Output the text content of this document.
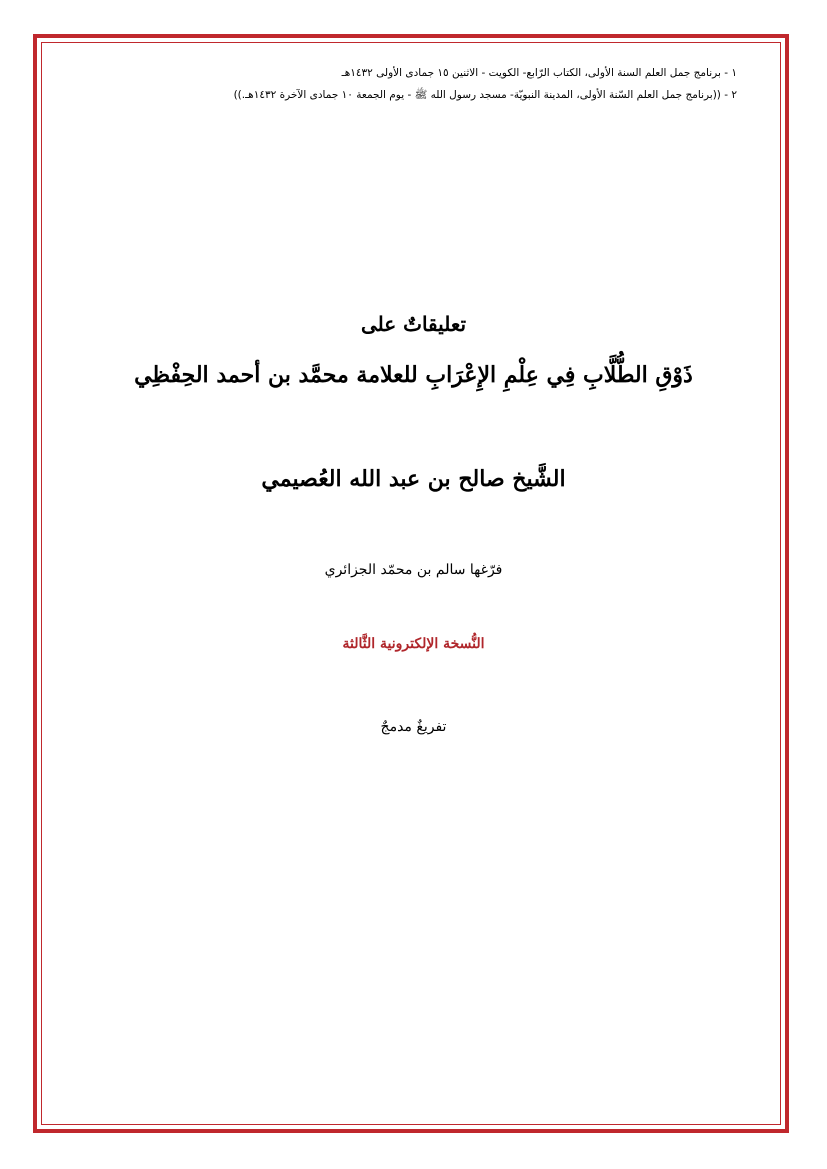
١ - برنامج جمل العلم السنة الأولى، الكتاب الرّابع- الكويت - الاثنين ١٥ جمادى الأولى ١٤٣٢هـ
٢ - ((برنامج جمل العلم السّنة الأولى، المدينة النبويّة- مسجد رسول الله ﷺ - يوم الجمعة ١٠ جمادى الآخرة ١٤٣٢هـ.))
تعليقاتٌ على
ذَوْقِ الطُّلَّابِ فِي عِلْمِ الإِعْرَابِ للعلامة محمَّد بن أحمد الحِفْظِي
الشَّيخ صالح بن عبد الله العُصيمي
فرّغها سالم بن محمّد الجزائري
النُّسخة الإلكترونية الثَّالثة
تفريغٌ مدمجٌ
